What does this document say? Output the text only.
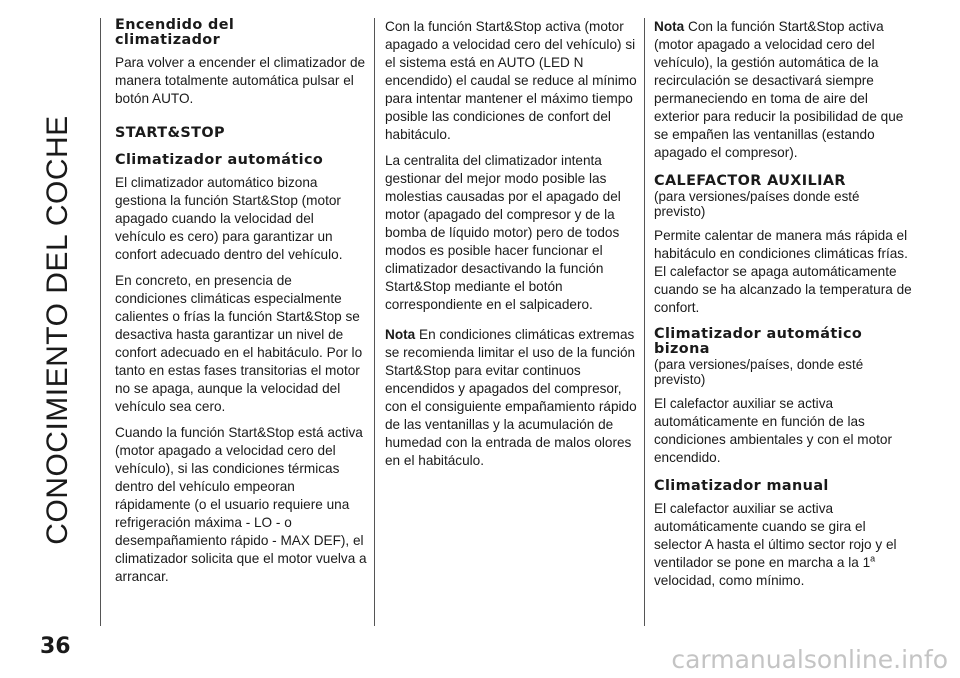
CONOCIMIENTO DEL COCHE
Encendido del climatizador

Para volver a encender el climatizador de manera totalmente automática pulsar el botón AUTO.

START&STOP
Climatizador automático

El climatizador automático bizona gestiona la función Start&Stop (motor apagado cuando la velocidad del vehículo es cero) para garantizar un confort adecuado dentro del vehículo.

En concreto, en presencia de condiciones climáticas especialmente calientes o frías la función Start&Stop se desactiva hasta garantizar un nivel de confort adecuado en el habitáculo. Por lo tanto en estas fases transitorias el motor no se apaga, aunque la velocidad del vehículo sea cero.

Cuando la función Start&Stop está activa (motor apagado a velocidad cero del vehículo), si las condiciones térmicas dentro del vehículo empeoran rápidamente (o el usuario requiere una refrigeración máxima - LO - o desempañamiento rápido - MAX DEF), el climatizador solicita que el motor vuelva a arrancar.

Con la función Start&Stop activa (motor apagado a velocidad cero del vehículo) si el sistema está en AUTO (LED N encendido) el caudal se reduce al mínimo para intentar mantener el máximo tiempo posible las condiciones de confort del habitáculo.

La centralita del climatizador intenta gestionar del mejor modo posible las molestias causadas por el apagado del motor (apagado del compresor y de la bomba de líquido motor) pero de todos modos es posible hacer funcionar el climatizador desactivando la función Start&Stop mediante el botón correspondiente en el salpicadero.

Nota En condiciones climáticas extremas se recomienda limitar el uso de la función Start&Stop para evitar continuos encendidos y apagados del compresor, con el consiguiente empañamiento rápido de las ventanillas y la acumulación de humedad con la entrada de malos olores en el habitáculo.

Nota Con la función Start&Stop activa (motor apagado a velocidad cero del vehículo), la gestión automática de la recirculación se desactivará siempre permaneciendo en toma de aire del exterior para reducir la posibilidad de que se empañen las ventanillas (estando apagado el compresor).

CALEFACTOR AUXILIAR
(para versiones/países donde esté previsto)

Permite calentar de manera más rápida el habitáculo en condiciones climáticas frías. El calefactor se apaga automáticamente cuando se ha alcanzado la temperatura de confort.

Climatizador automático bizona
(para versiones/países, donde esté previsto)

El calefactor auxiliar se activa automáticamente en función de las condiciones ambientales y con el motor encendido.

Climatizador manual

El calefactor auxiliar se activa automáticamente cuando se gira el selector A hasta el último sector rojo y el ventilador se pone en marcha a la 1$^a$ velocidad, como mínimo.

36	carmanualsonline.info
